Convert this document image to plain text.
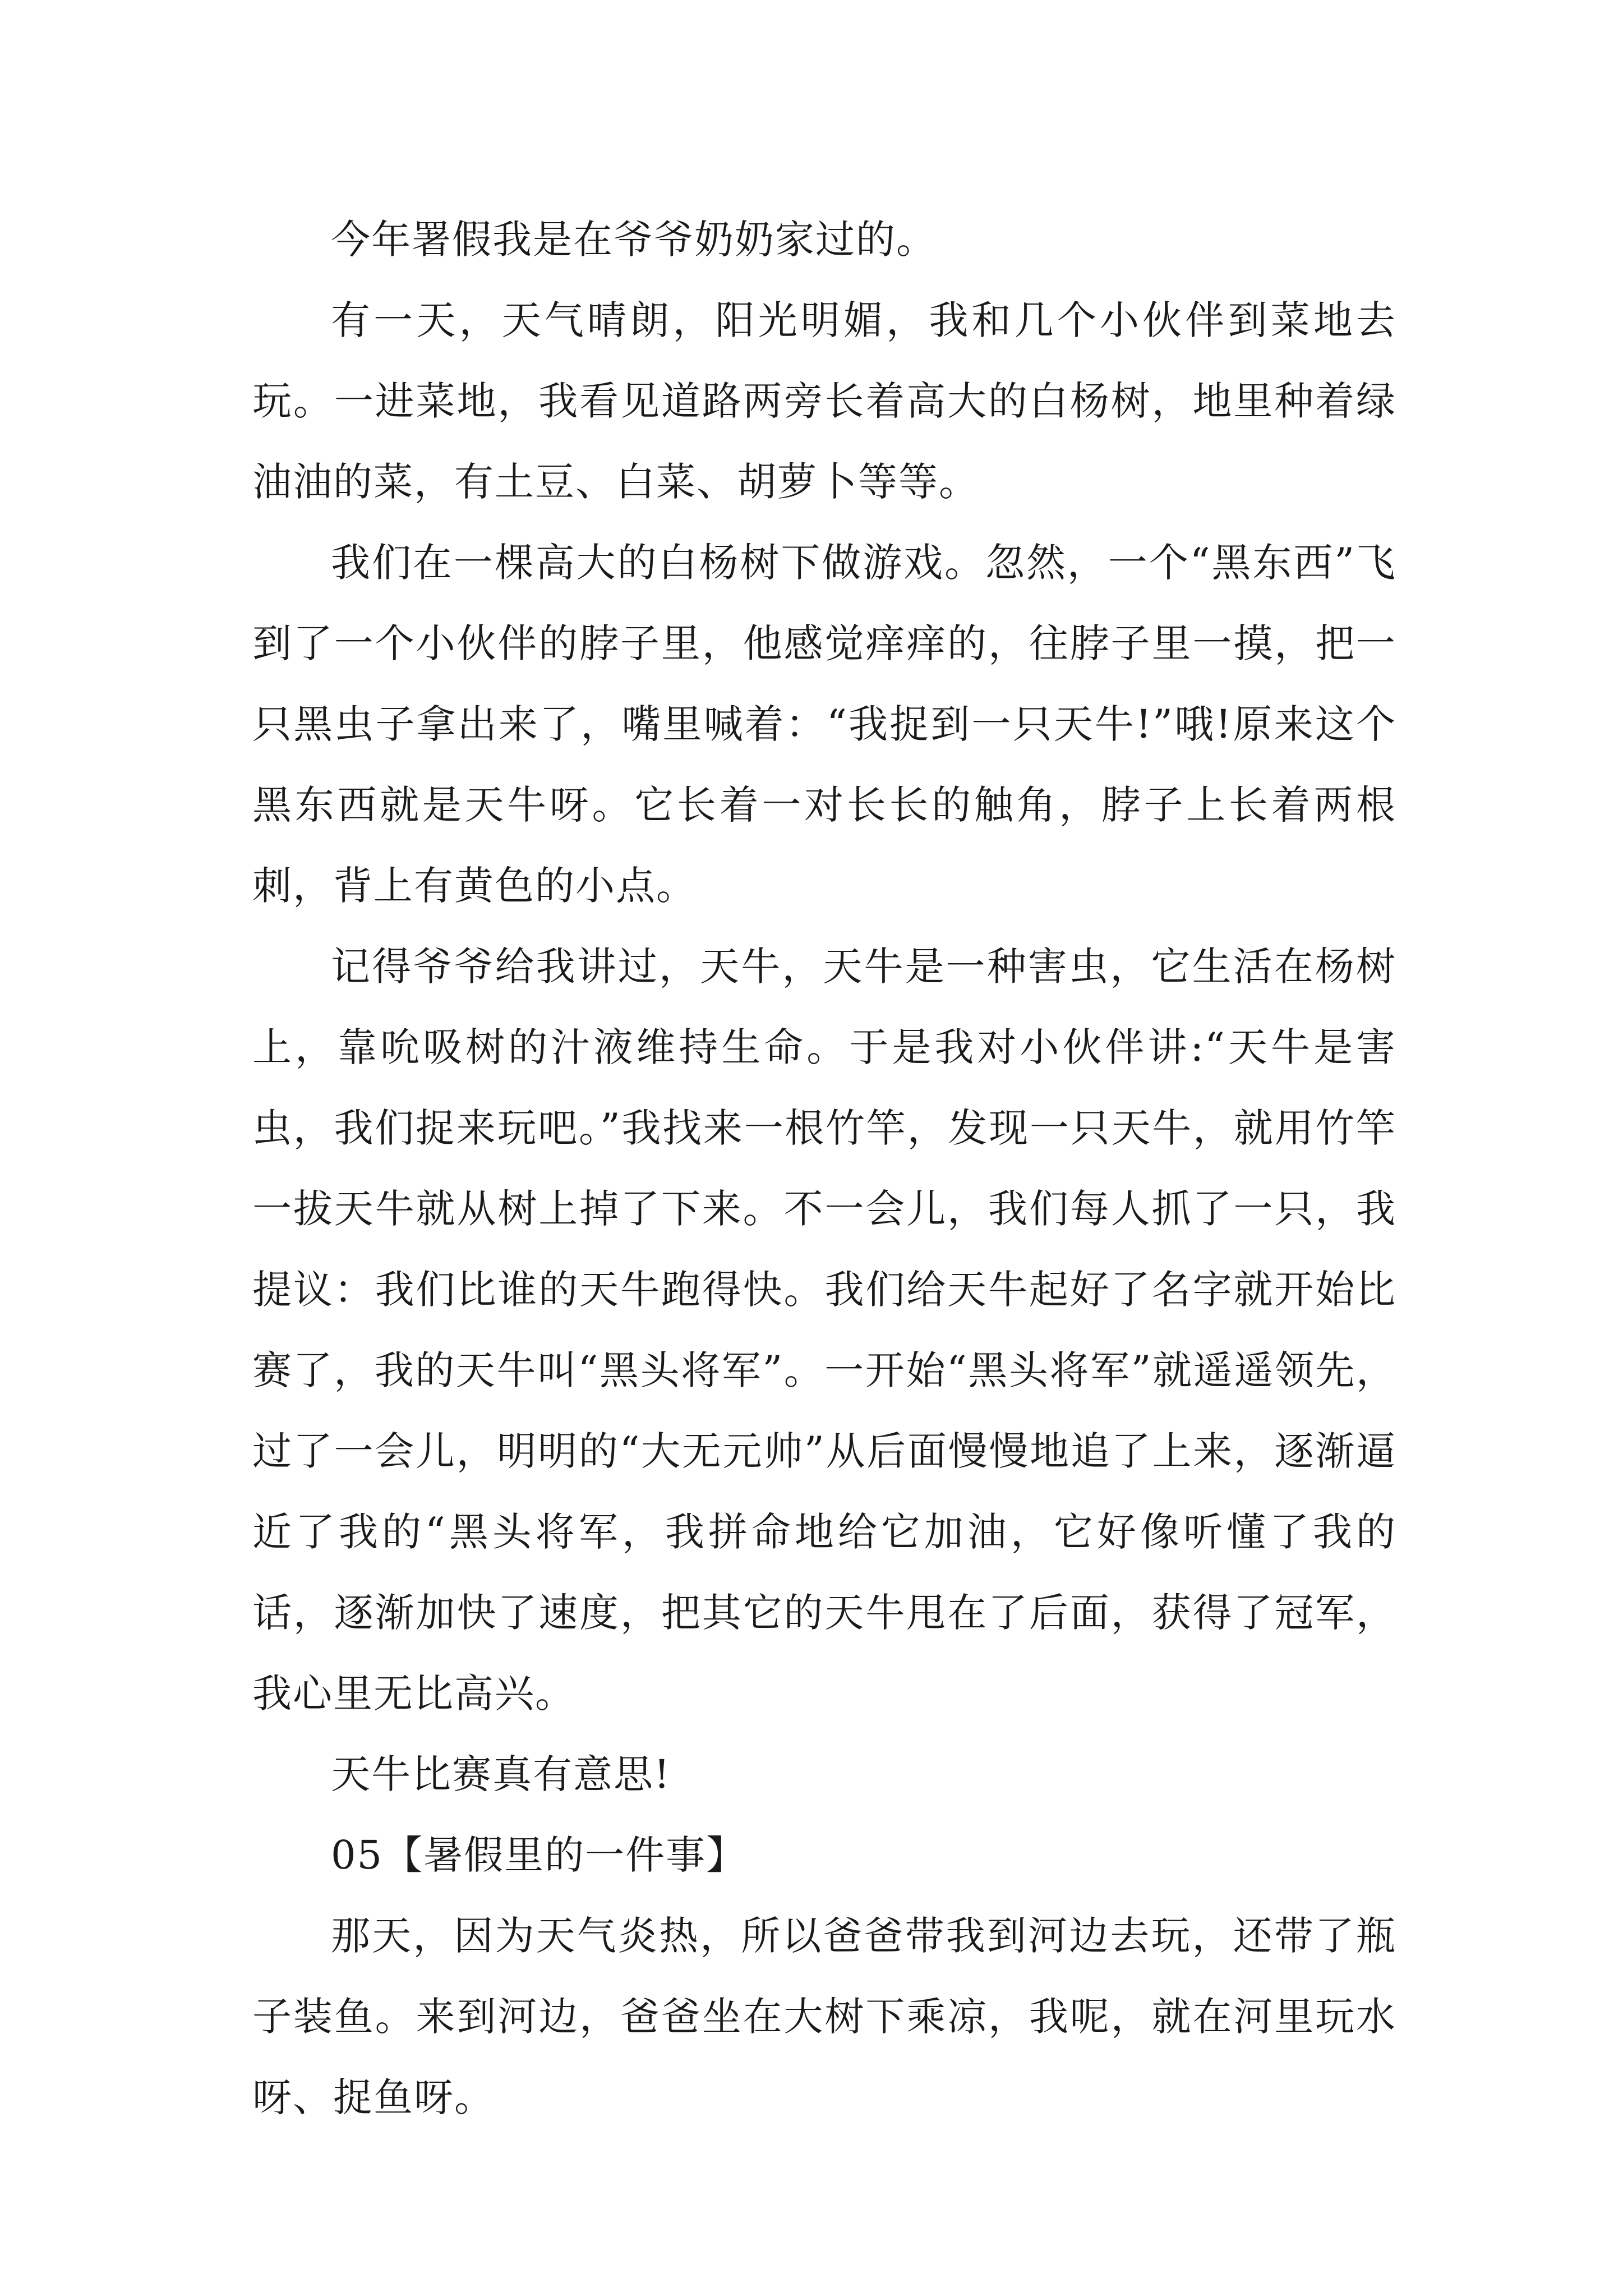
今年署假我是在爷爷奶奶家过的。

有一天，天气晴朗，阳光明媚，我和几个小伙伴到菜地去玩。一进菜地，我看见道路两旁长着高大的白杨树，地里种着绿油油的菜，有土豆、白菜、胡萝卜等等。

我们在一棵高大的白杨树下做游戏。忽然，一个“黑东西”飞到了一个小伙伴的脖子里，他感觉痒痒的，往脖子里一摸，把一只黑虫子拿出来了，嘴里喊着：“我捉到一只天牛!”哦!原来这个黑东西就是天牛呀。它长着一对长长的触角，脖子上长着两根刺，背上有黄色的小点。

记得爷爷给我讲过，天牛，天牛是一种害虫，它生活在杨树上，靠吮吸树的汁液维持生命。于是我对小伙伴讲:“天牛是害虫，我们捉来玩吧。”我找来一根竹竿，发现一只天牛，就用竹竿一拔天牛就从树上掉了下来。不一会儿，我们每人抓了一只，我提议：我们比谁的天牛跑得快。我们给天牛起好了名字就开始比赛了，我的天牛叫“黑头将军”。一开始“黑头将军”就遥遥领先，过了一会儿，明明的“大无元帅”从后面慢慢地追了上来，逐渐逼近了我的“黑头将军，我拼命地给它加油，它好像听懂了我的话，逐渐加快了速度，把其它的天牛甩在了后面，获得了冠军，我心里无比高兴。

天牛比赛真有意思!

05【暑假里的一件事】

那天，因为天气炎热，所以爸爸带我到河边去玩，还带了瓶子装鱼。来到河边，爸爸坐在大树下乘凉，我呢，就在河里玩水呀、捉鱼呀。
